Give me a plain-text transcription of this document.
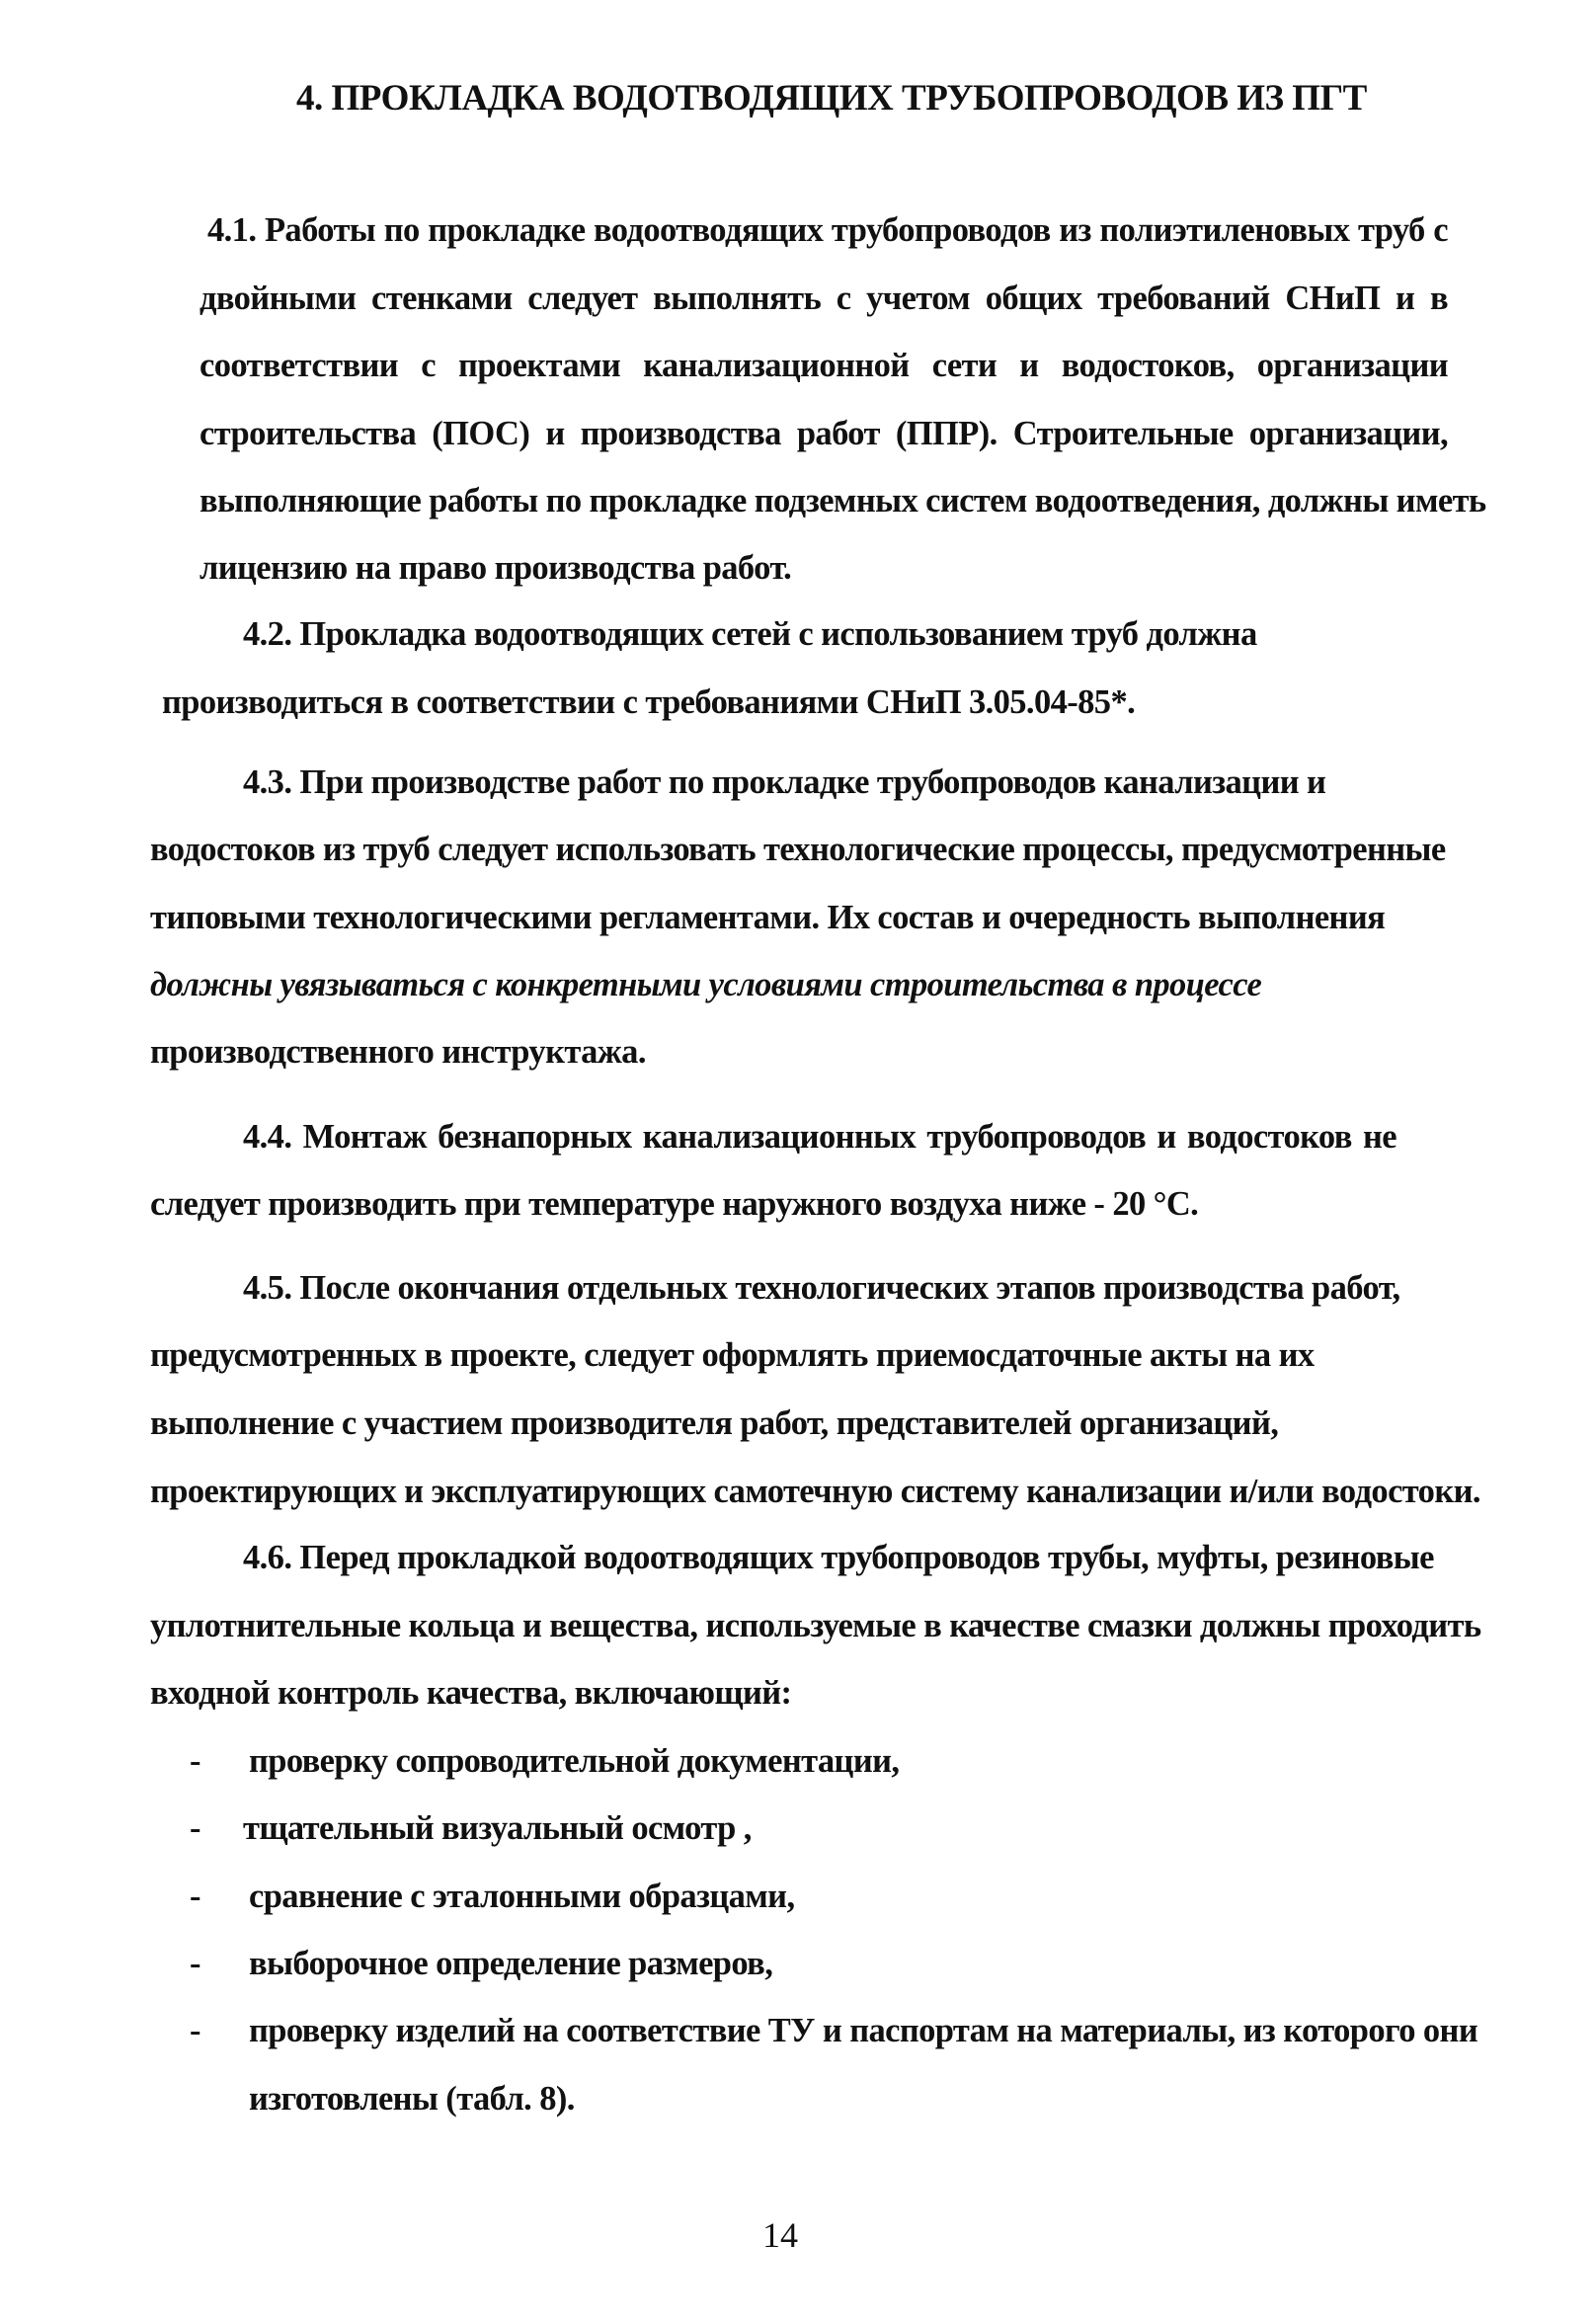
4. ПРОКЛАДКА ВОДОТВОДЯЩИХ ТРУБОПРОВОДОВ ИЗ ПГТ
4.1. Работы по прокладке водоотводящих трубопроводов из полиэтиленовых труб с
двойными стенками следует выполнять с учетом общих требований СНиП и в
соответствии с проектами канализационной сети и водостоков, организации
строительства (ПОС) и производства работ (ППР). Строительные организации,
выполняющие работы по прокладке подземных систем водоотведения, должны иметь
лицензию на право производства работ.
4.2. Прокладка водоотводящих сетей с использованием труб должна
производиться в соответствии с требованиями СНиП 3.05.04-85*.
4.3. При производстве работ по прокладке трубопроводов канализации и
водостоков из труб следует использовать технологические процессы, предусмотренные
типовыми технологическими регламентами. Их состав и очередность выполнения
должны увязываться с конкретными условиями строительства в процессе
производственного инструктажа.
4.4. Монтаж безнапорных канализационных трубопроводов и водостоков не
следует производить при температуре наружного воздуха ниже - 20 °С.
4.5. После окончания отдельных технологических этапов производства работ,
предусмотренных в проекте, следует оформлять приемосдаточные акты на их
выполнение с участием производителя работ, представителей организаций,
проектирующих и эксплуатирующих самотечную систему канализации и/или водостоки.
4.6. Перед прокладкой водоотводящих трубопроводов трубы, муфты, резиновые
уплотнительные кольца и вещества, используемые в качестве смазки должны проходить
входной контроль качества, включающий:
- проверку сопроводительной документации,
- тщательный визуальный осмотр ,
- сравнение с эталонными образцами,
- выборочное определение размеров,
- проверку изделий на соответствие ТУ и паспортам на материалы, из которого они
изготовлены (табл. 8).
14
